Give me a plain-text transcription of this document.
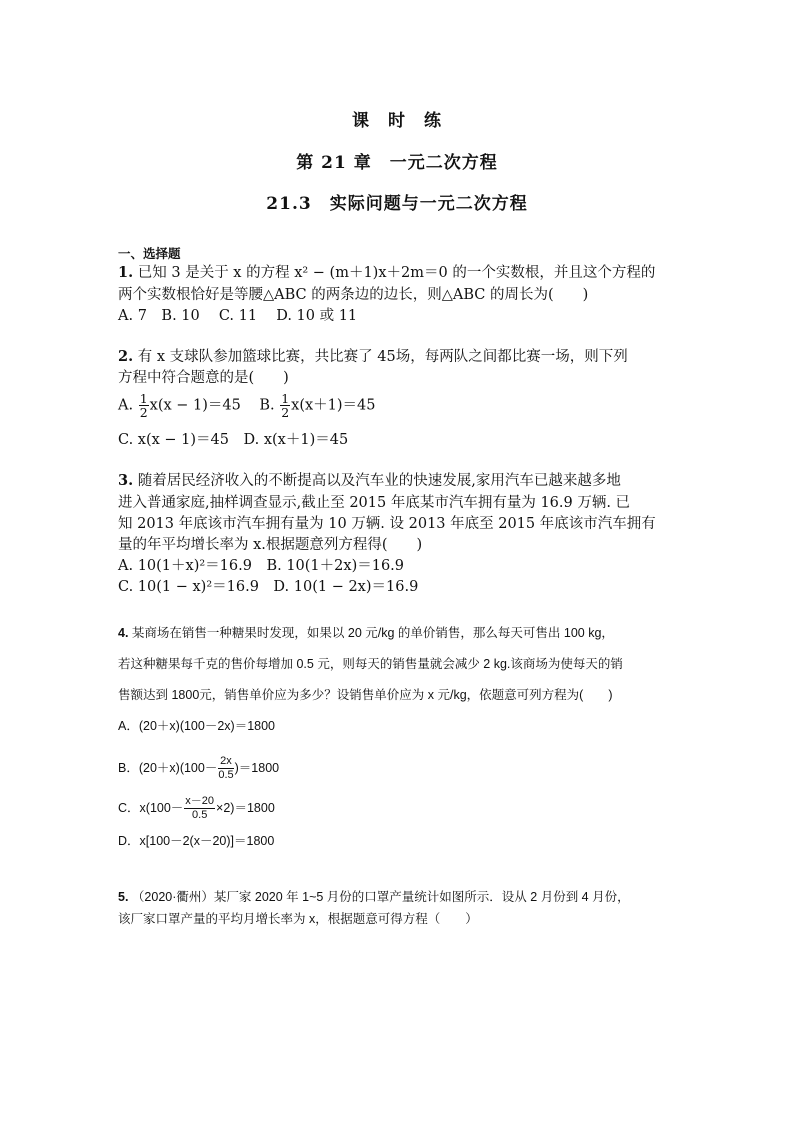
课　时　练
第 21 章　一元二次方程
21.3　实际问题与一元二次方程
一、选择题
1. 已知 3 是关于 x 的方程 x² − (m＋1)x＋2m＝0 的一个实数根，并且这个方程的
两个实数根恰好是等腰△ABC 的两条边的边长，则△ABC 的周长为(　　)
A. 7　B. 10　 C. 11　 D. 10 或 11
2. 有 x 支球队参加篮球比赛，共比赛了 45场，每两队之间都比赛一场，则下列
方程中符合题意的是(　　)
A. $\frac{1}{2} x(x - 1)=45$ B. $\frac{1}{2} x(x+1)=45$
C. x(x − 1)＝45　D. x(x＋1)＝45
3. 随着居民经济收入的不断提高以及汽车业的快速发展,家用汽车已越来越多地
进入普通家庭,抽样调查显示,截止至 2015 年底某市汽车拥有量为 16.9 万辆. 已
知 2013 年底该市汽车拥有量为 10 万辆. 设 2013 年底至 2015 年底该市汽车拥有
量的年平均增长率为 x.根据题意列方程得(　　)
A. 10(1＋x)²＝16.9　B. 10(1＋2x)＝16.9
C. 10(1 − x)²＝16.9　D. 10(1 − 2x)＝16.9
4. 某商场在销售一种糖果时发现，如果以 20 元/kg 的单价销售，那么每天可售出 100 kg，
若这种糖果每千克的售价每增加 0.5 元，则每天的销售量就会减少 2 kg.该商场为使每天的销
售额达到 1800元，销售单价应为多少？设销售单价应为 x 元/kg，依题意可列方程为(　　)
A．(20＋x)(100－2x)＝1800
B．$(20+x)(100- \frac{2x}{0.5} )=1800$
C．$x(100- \frac{x-20}{0.5} \times 2)=1800$
D．x[100－2(x－20)]＝1800
5. （2020·衢州）某厂家 2020 年 1~5 月份的口罩产量统计如图所示．设从 2 月份到 4 月份，
该厂家口罩产量的平均月增长率为 x，根据题意可得方程（　　）
